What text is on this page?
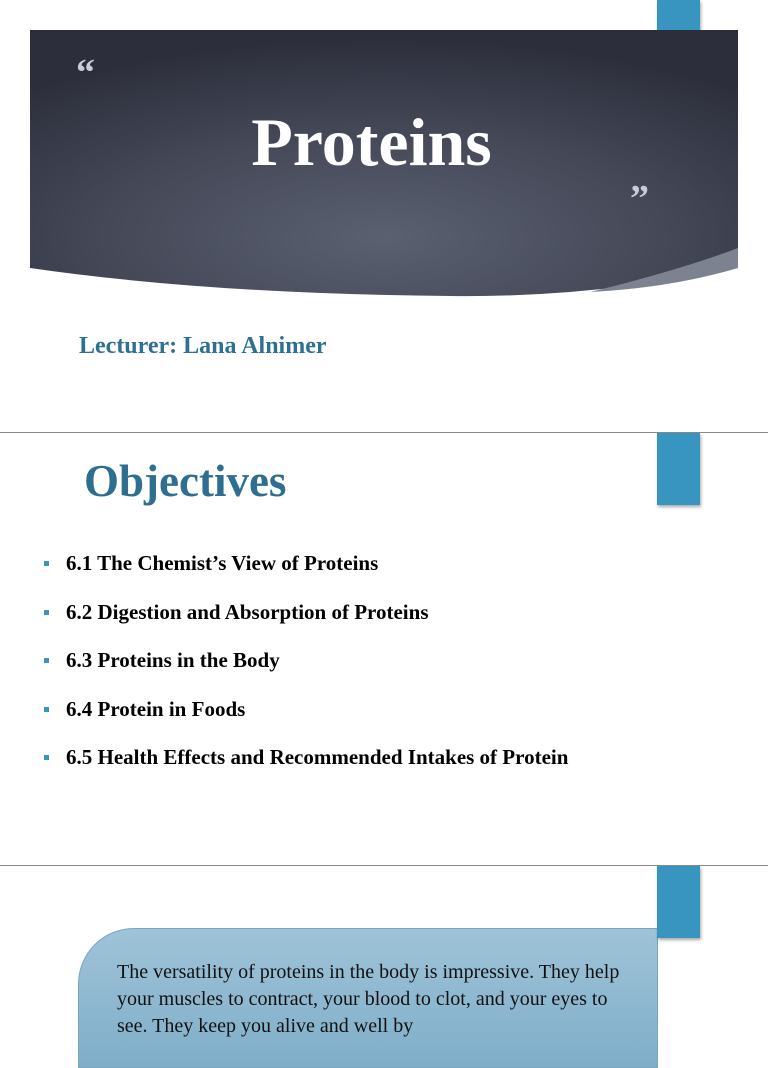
“
”
Proteins
Lecturer: Lana Alnimer
Objectives
6.1 The Chemist’s View of Proteins
6.2 Digestion and Absorption of Proteins
6.3 Proteins in the Body
6.4 Protein in Foods
6.5 Health Effects and Recommended Intakes of Protein
The versatility of proteins in the body is impressive. They help your muscles to contract, your blood to clot, and your eyes to see. They keep you alive and well by
